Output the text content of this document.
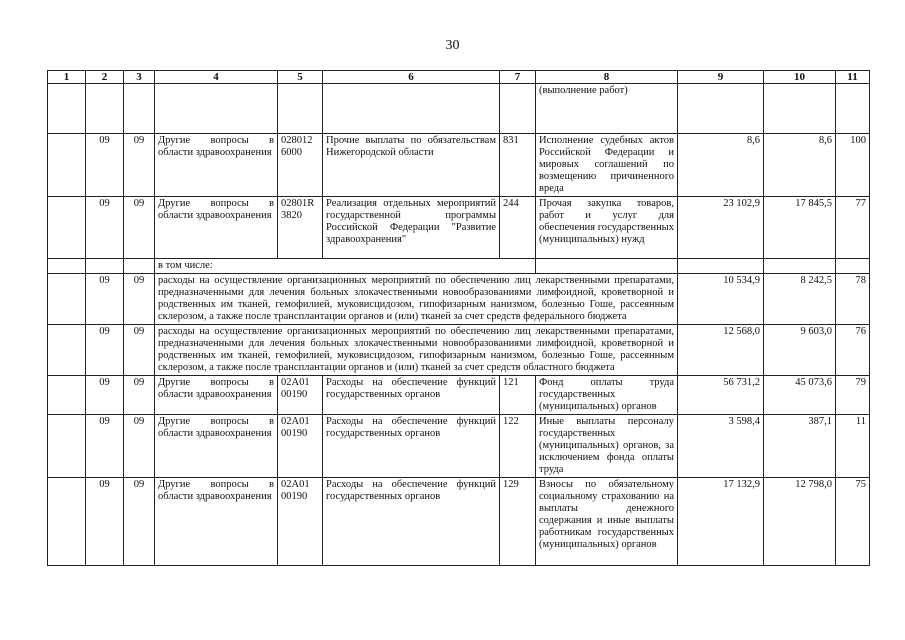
30
1	2	3	4	5	6	7	8	9	10	11
							(выполнение работ)			
	09	09	Другие вопросы в области здравоохранения	028012 6000	Прочие выплаты по обязательствам Нижегородской области	831	Исполнение судебных актов Российской Федерации и мировых соглашений по возмещению причиненного вреда	8,6	8,6	100
	09	09	Другие вопросы в области здравоохранения	02801R 3820	Реализация отдельных мероприятий государственной программы Российской Федерации "Развитие здравоохранения"	244	Прочая закупка товаров, работ и услуг для обеспечения государственных (муниципальных) нужд	23 102,9	17 845,5	77
			в том числе:							
	09	09	расходы на осуществление организационных мероприятий по обеспечению лиц лекарственными препаратами, предназначенными для лечения больных злокачественными новообразованиями лимфоидной, кроветворной и родственных им тканей, гемофилией, муковисцидозом, гипофизарным нанизмом, болезнью Гоше, рассеянным склерозом, а также после трансплантации органов и (или) тканей за счет средств федерального бюджета					10 534,9	8 242,5	78
	09	09	расходы на осуществление организационных мероприятий по обеспечению лиц лекарственными препаратами, предназначенными для лечения больных злокачественными новообразованиями лимфоидной, кроветворной и родственных им тканей, гемофилией, муковисцидозом, гипофизарным нанизмом, болезнью Гоше, рассеянным склерозом, а также после трансплантации органов и (или) тканей за счет средств областного бюджета					12 568,0	9 603,0	76
	09	09	Другие вопросы в области здравоохранения	02А01 00190	Расходы на обеспечение функций государственных органов	121	Фонд оплаты труда государственных (муниципальных) органов	56 731,2	45 073,6	79
	09	09	Другие вопросы в области здравоохранения	02А01 00190	Расходы на обеспечение функций государственных органов	122	Иные выплаты персоналу государственных (муниципальных) органов, за исключением фонда оплаты труда	3 598,4	387,1	11
	09	09	Другие вопросы в области здравоохранения	02А01 00190	Расходы на обеспечение функций государственных органов	129	Взносы по обязательному социальному страхованию на выплаты денежного содержания и иные выплаты работникам государственных (муниципальных) органов	17 132,9	12 798,0	75
